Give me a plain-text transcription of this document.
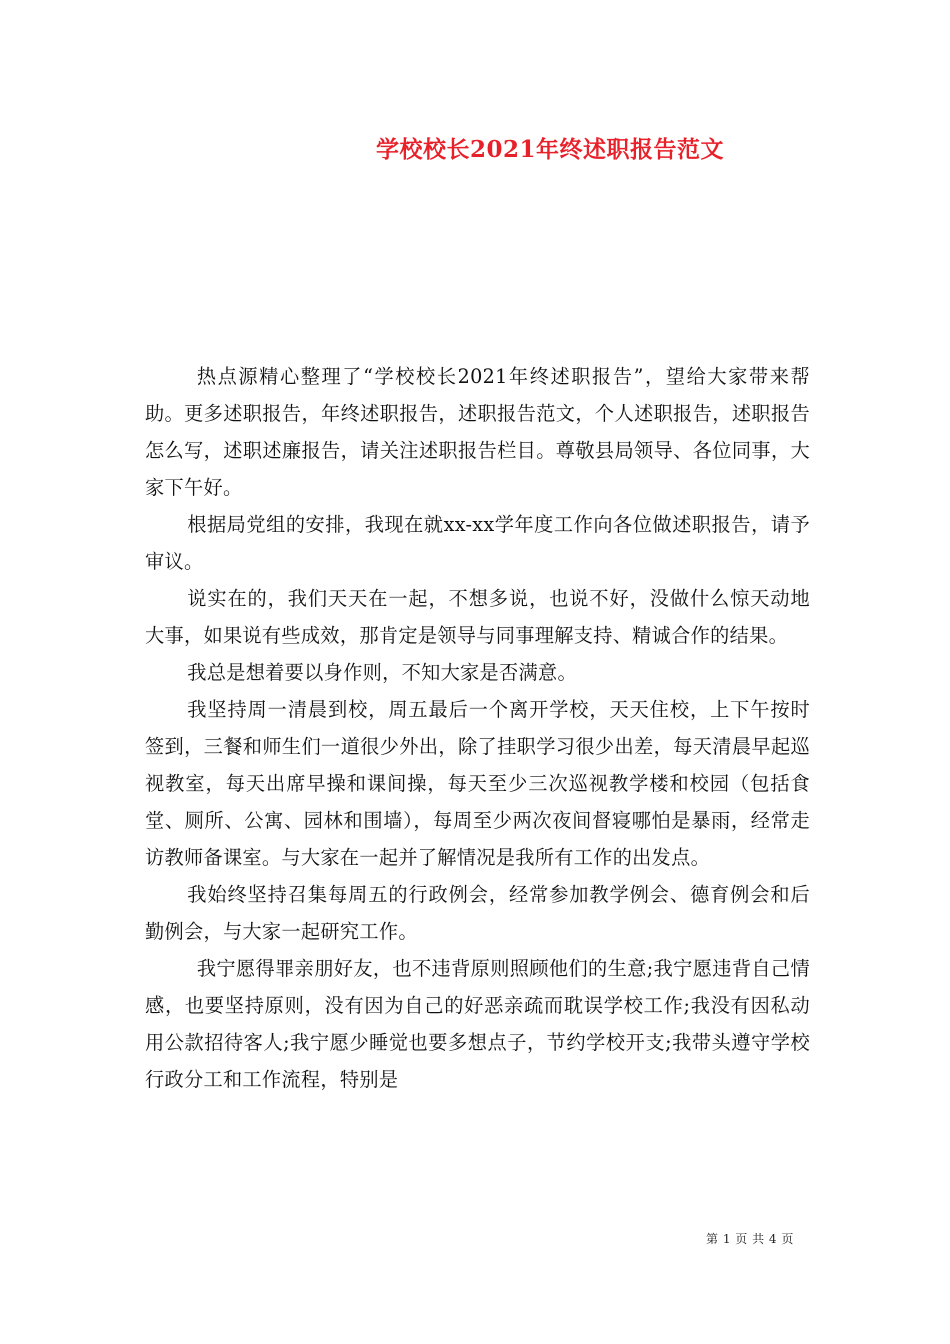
学校校长2021年终述职报告范文

热点源精心整理了“学校校长2021年终述职报告”，望给大家带来帮助。更多述职报告，年终述职报告，述职报告范文，个人述职报告，述职报告怎么写，述职述廉报告，请关注述职报告栏目。尊敬县局领导、各位同事，大家下午好。

根据局党组的安排，我现在就xx-xx学年度工作向各位做述职报告，请予审议。

说实在的，我们天天在一起，不想多说，也说不好，没做什么惊天动地大事，如果说有些成效，那肯定是领导与同事理解支持、精诚合作的结果。

我总是想着要以身作则，不知大家是否满意。

我坚持周一清晨到校，周五最后一个离开学校，天天住校，上下午按时签到，三餐和师生们一道很少外出，除了挂职学习很少出差，每天清晨早起巡视教室，每天出席早操和课间操，每天至少三次巡视教学楼和校园（包括食堂、厕所、公寓、园林和围墙），每周至少两次夜间督寝哪怕是暴雨，经常走访教师备课室。与大家在一起并了解情况是我所有工作的出发点。

我始终坚持召集每周五的行政例会，经常参加教学例会、德育例会和后勤例会，与大家一起研究工作。

我宁愿得罪亲朋好友，也不违背原则照顾他们的生意;我宁愿违背自己情感，也要坚持原则，没有因为自己的好恶亲疏而耽误学校工作;我没有因私动用公款招待客人;我宁愿少睡觉也要多想点子，节约学校开支;我带头遵守学校行政分工和工作流程，特别是

第 1 页 共 4 页
